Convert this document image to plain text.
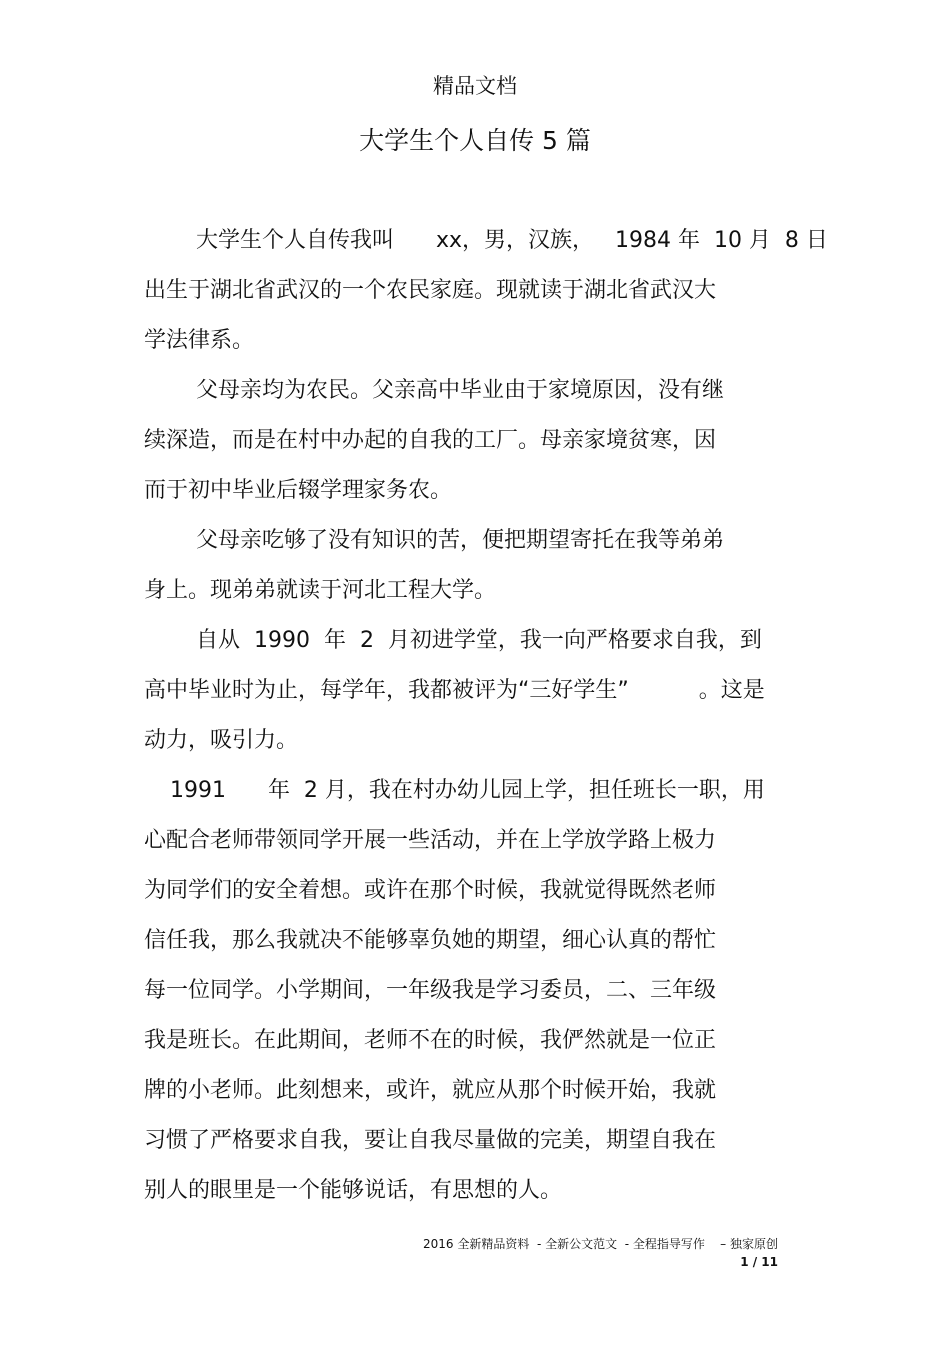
精品文档
大学生个人自传 5 篇
大学生个人自传我叫      xx，男，汉族，   1984 年  10 月  8 日
出生于湖北省武汉的一个农民家庭。现就读于湖北省武汉大
学法律系。
父母亲均为农民。父亲高中毕业由于家境原因，没有继
续深造，而是在村中办起的自我的工厂。母亲家境贫寒，因
而于初中毕业后辍学理家务农。
父母亲吃够了没有知识的苦，便把期望寄托在我等弟弟
身上。现弟弟就读于河北工程大学。
自从  1990  年  2  月初进学堂，我一向严格要求自我，到
高中毕业时为止，每学年，我都被评为“三好学生”          。这是
动力，吸引力。
1991      年  2 月，我在村办幼儿园上学，担任班长一职，用
心配合老师带领同学开展一些活动，并在上学放学路上极力
为同学们的安全着想。或许在那个时候，我就觉得既然老师
信任我，那么我就决不能够辜负她的期望，细心认真的帮忙
每一位同学。小学期间，一年级我是学习委员，二、三年级
我是班长。在此期间，老师不在的时候，我俨然就是一位正
牌的小老师。此刻想来，或许，就应从那个时候开始，我就
习惯了严格要求自我，要让自我尽量做的完美，期望自我在
别人的眼里是一个能够说话，有思想的人。
2016 全新精品资料  - 全新公文范文  - 全程指导写作    – 独家原创
1 / 11
